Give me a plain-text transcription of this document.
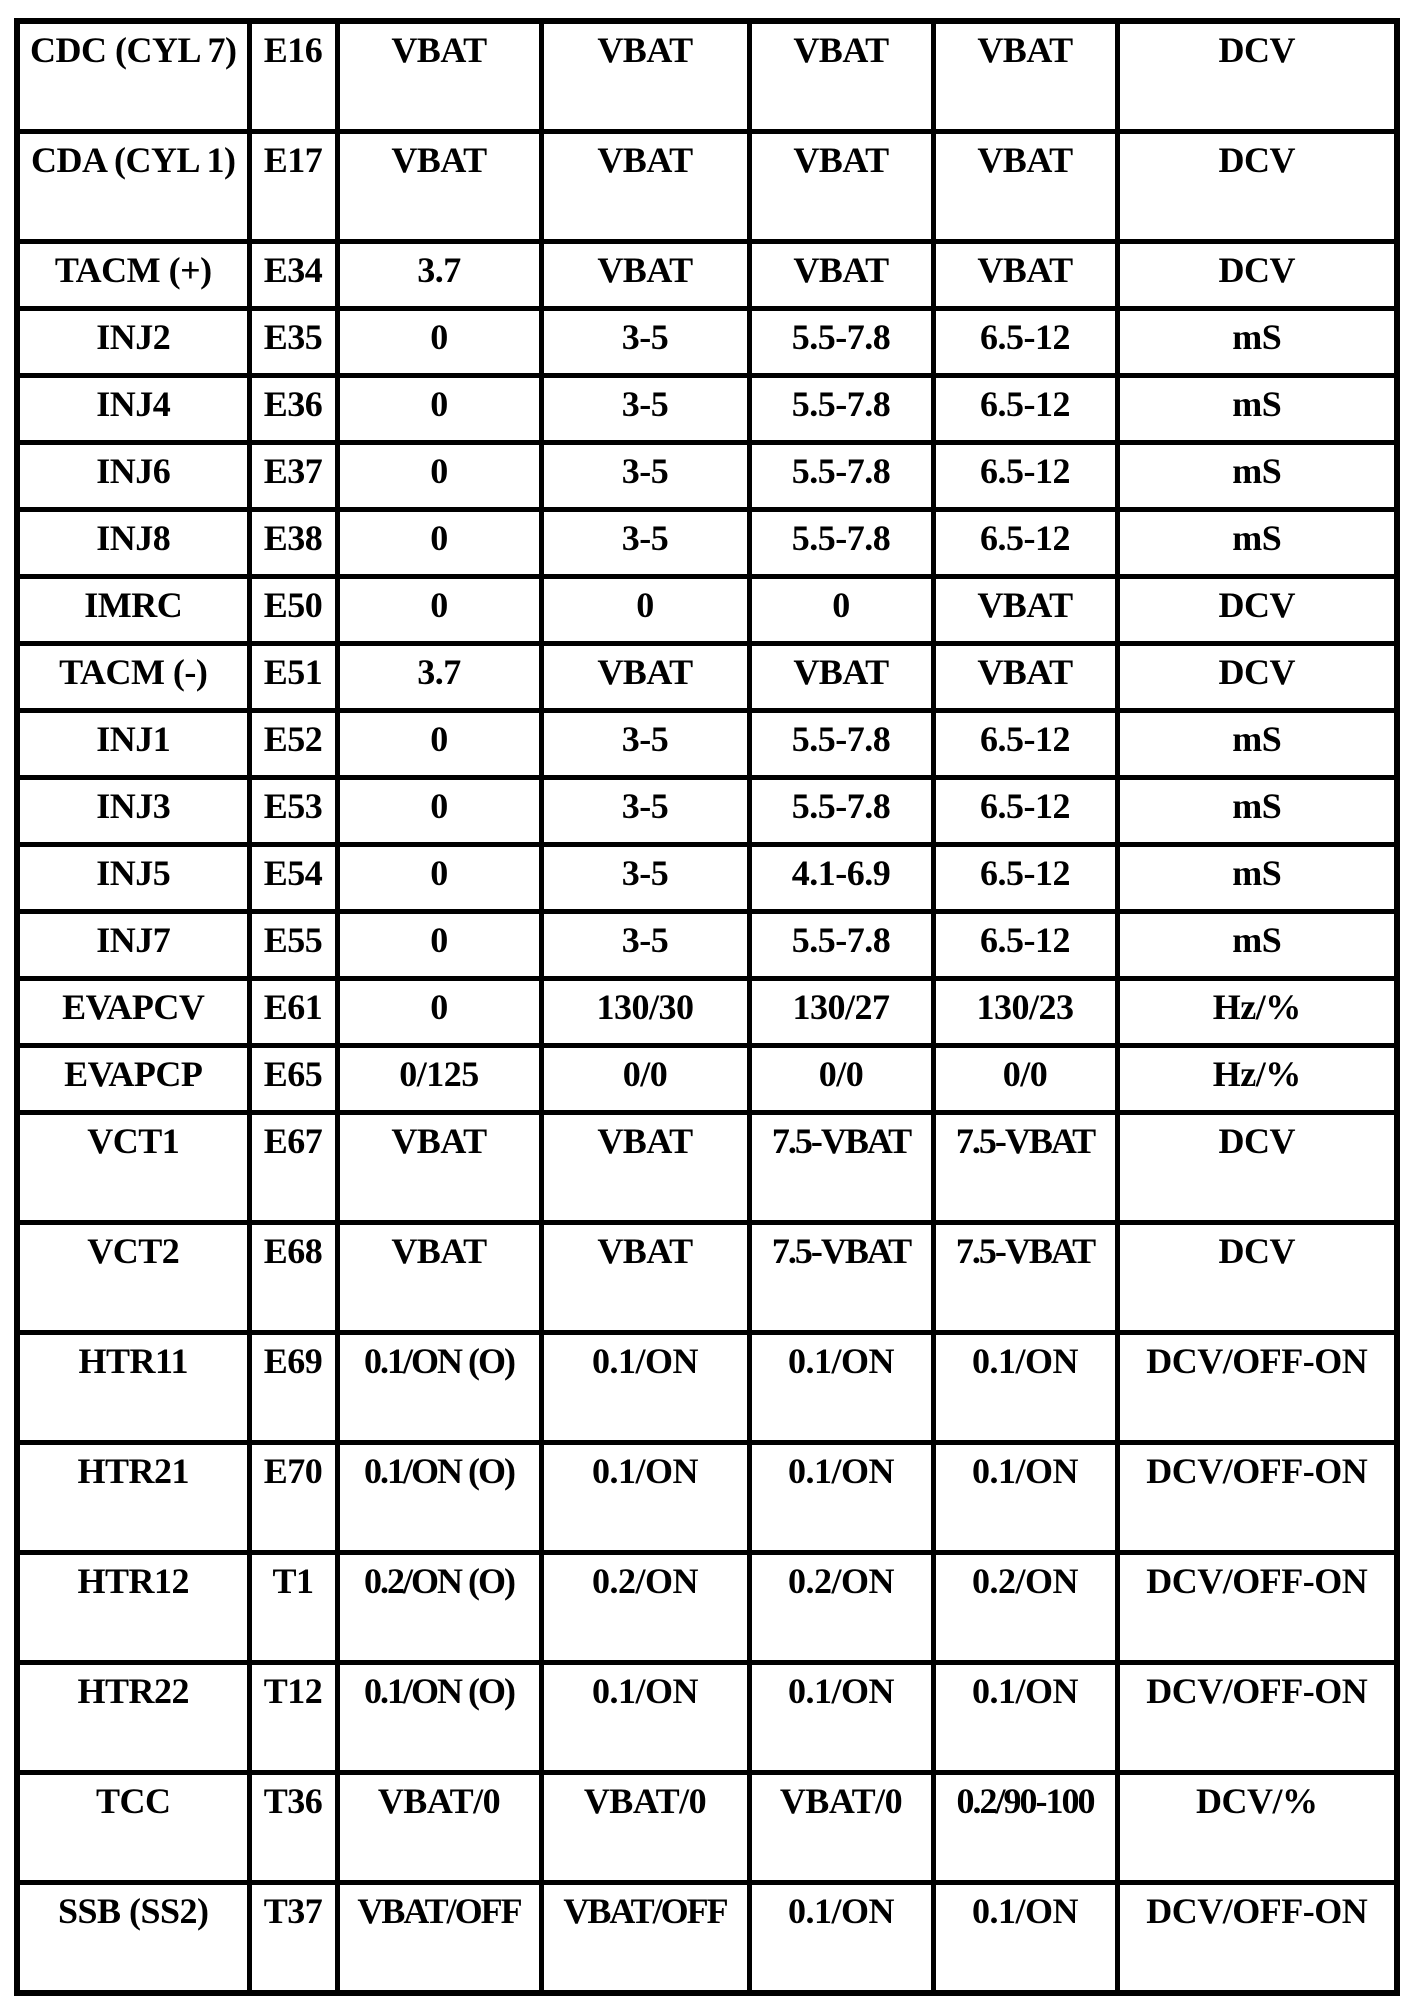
CDC (CYL 7)	E16	VBAT	VBAT	VBAT	VBAT	DCV
CDA (CYL 1)	E17	VBAT	VBAT	VBAT	VBAT	DCV
TACM (+)	E34	3.7	VBAT	VBAT	VBAT	DCV
INJ2	E35	0	3-5	5.5-7.8	6.5-12	mS
INJ4	E36	0	3-5	5.5-7.8	6.5-12	mS
INJ6	E37	0	3-5	5.5-7.8	6.5-12	mS
INJ8	E38	0	3-5	5.5-7.8	6.5-12	mS
IMRC	E50	0	0	0	VBAT	DCV
TACM (-)	E51	3.7	VBAT	VBAT	VBAT	DCV
INJ1	E52	0	3-5	5.5-7.8	6.5-12	mS
INJ3	E53	0	3-5	5.5-7.8	6.5-12	mS
INJ5	E54	0	3-5	4.1-6.9	6.5-12	mS
INJ7	E55	0	3-5	5.5-7.8	6.5-12	mS
EVAPCV	E61	0	130/30	130/27	130/23	Hz/%
EVAPCP	E65	0/125	0/0	0/0	0/0	Hz/%
VCT1	E67	VBAT	VBAT	7.5-VBAT	7.5-VBAT	DCV
VCT2	E68	VBAT	VBAT	7.5-VBAT	7.5-VBAT	DCV
HTR11	E69	0.1/ON (O)	0.1/ON	0.1/ON	0.1/ON	DCV/OFF-ON
HTR21	E70	0.1/ON (O)	0.1/ON	0.1/ON	0.1/ON	DCV/OFF-ON
HTR12	T1	0.2/ON (O)	0.2/ON	0.2/ON	0.2/ON	DCV/OFF-ON
HTR22	T12	0.1/ON (O)	0.1/ON	0.1/ON	0.1/ON	DCV/OFF-ON
TCC	T36	VBAT/0	VBAT/0	VBAT/0	0.2/90-100	DCV/%
SSB (SS2)	T37	VBAT/OFF	VBAT/OFF	0.1/ON	0.1/ON	DCV/OFF-ON
